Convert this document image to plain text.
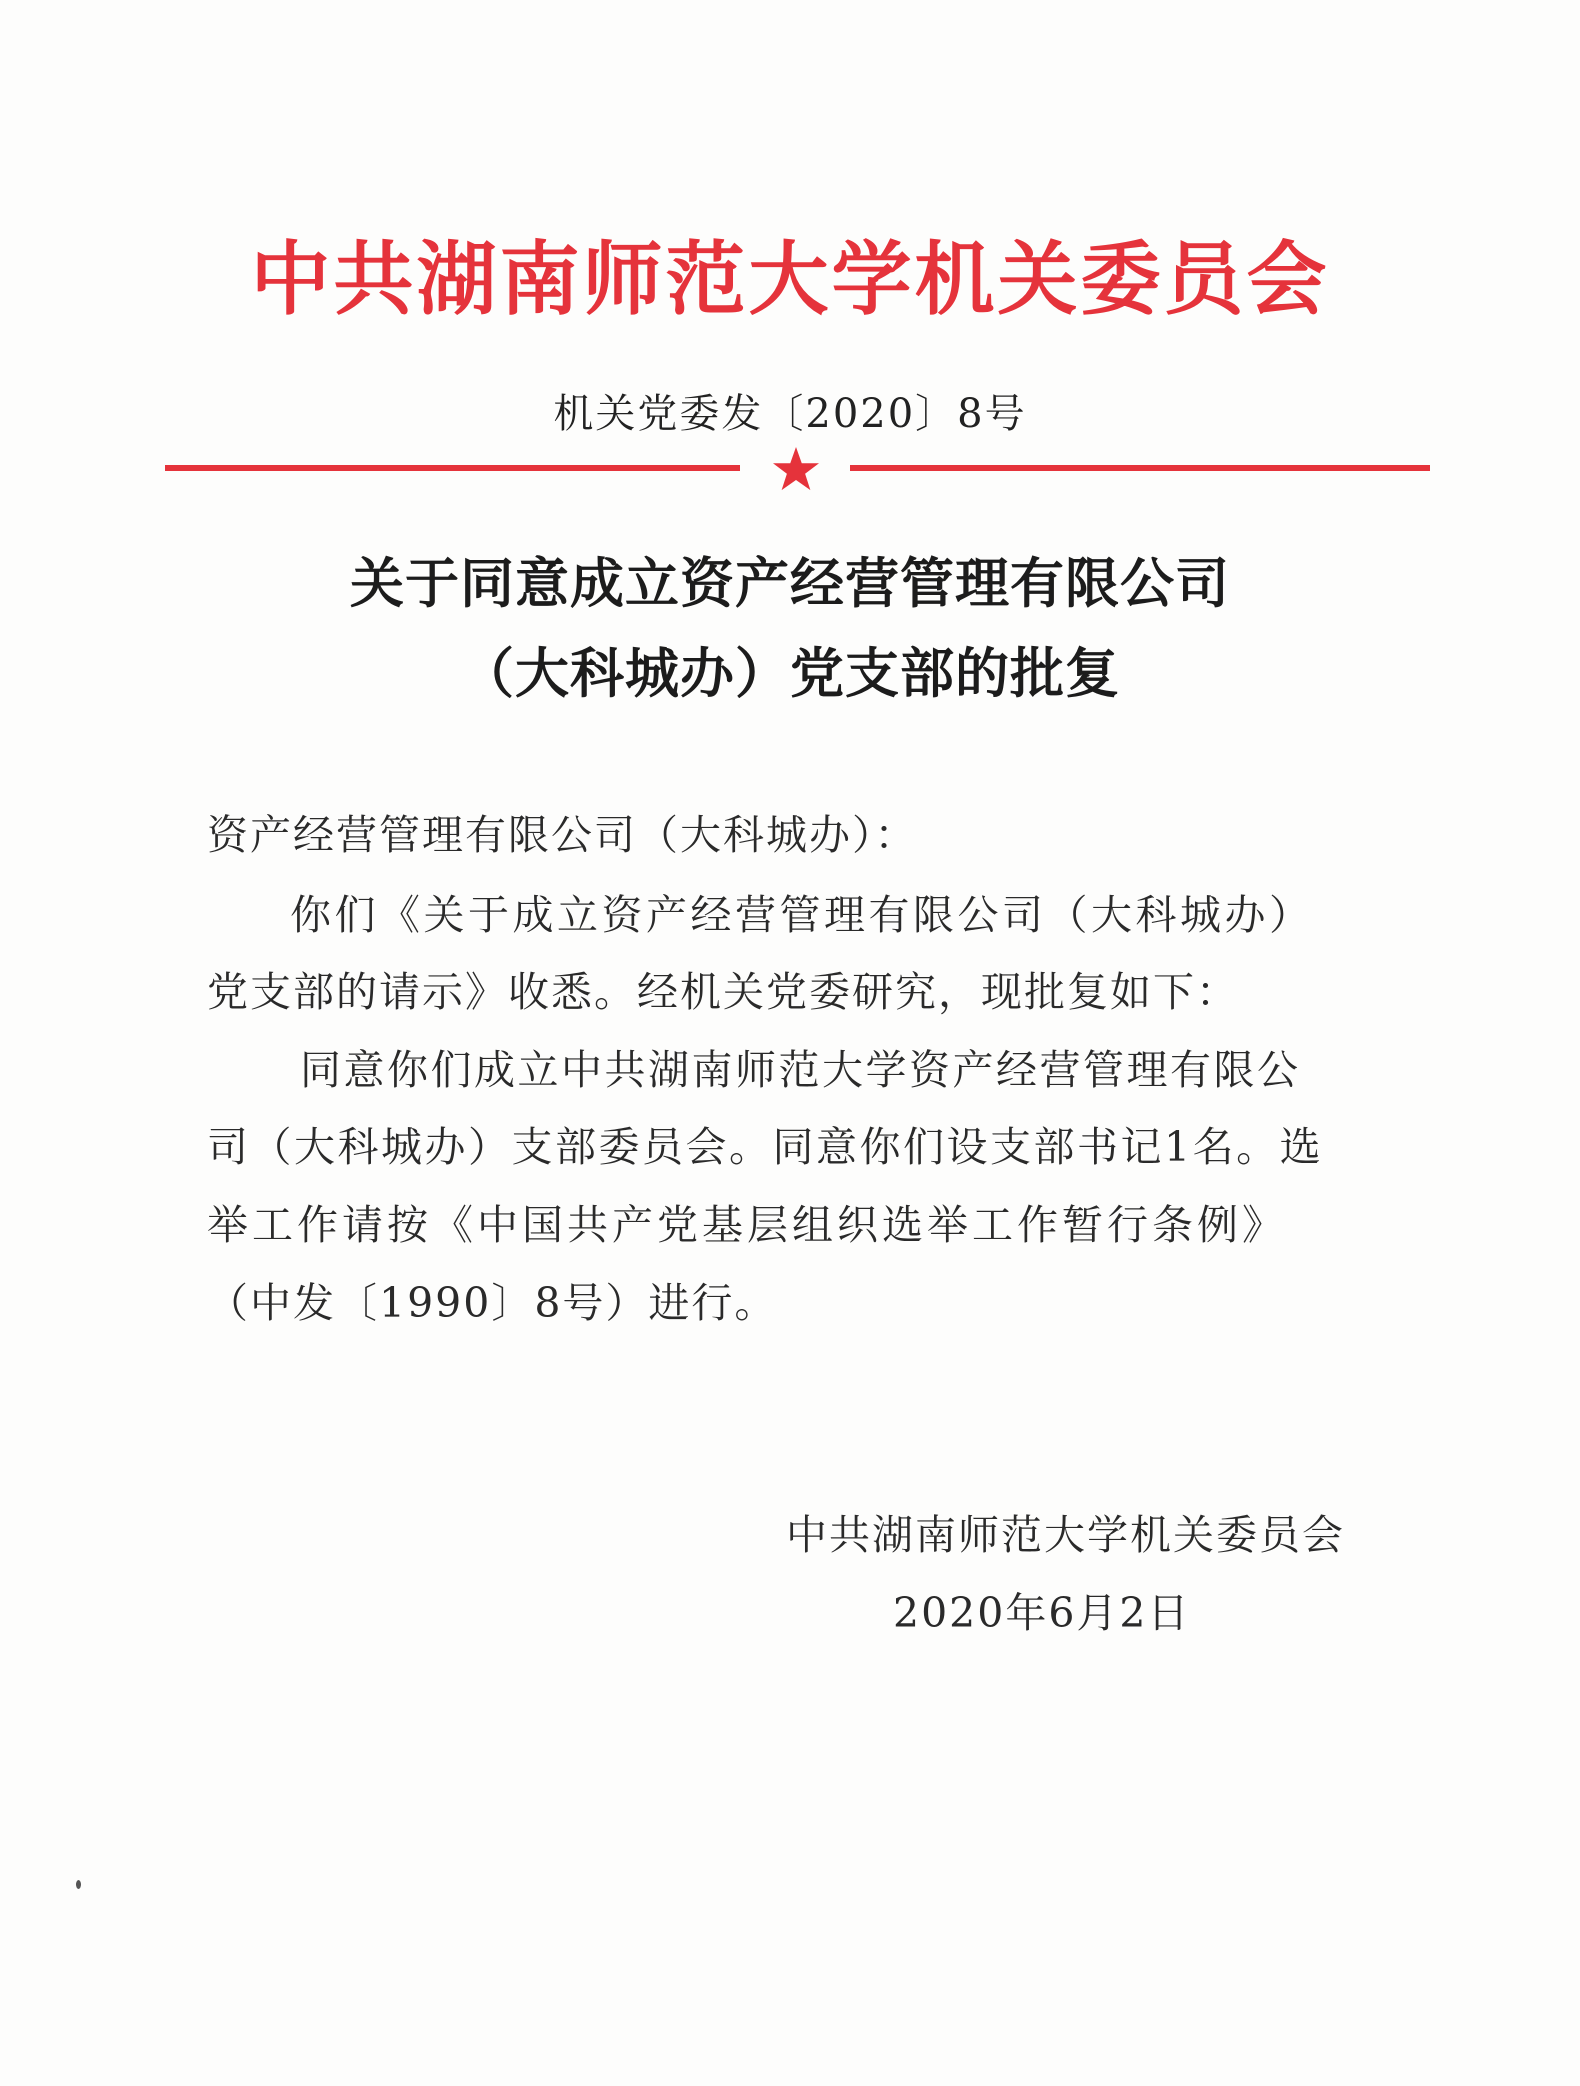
中共湖南师范大学机关委员会
机关党委发〔2020〕8号
关于同意成立资产经营管理有限公司
（大科城办）党支部的批复
资产经营管理有限公司（大科城办）：
你们《关于成立资产经营管理有限公司（大科城办）
党支部的请示》收悉。经机关党委研究，现批复如下：
同意你们成立中共湖南师范大学资产经营管理有限公
司（大科城办）支部委员会。同意你们设支部书记1名。选
举工作请按《中国共产党基层组织选举工作暂行条例》
（中发〔1990〕8号）进行。
中共湖南师范大学机关委员会
2020年6月2日
